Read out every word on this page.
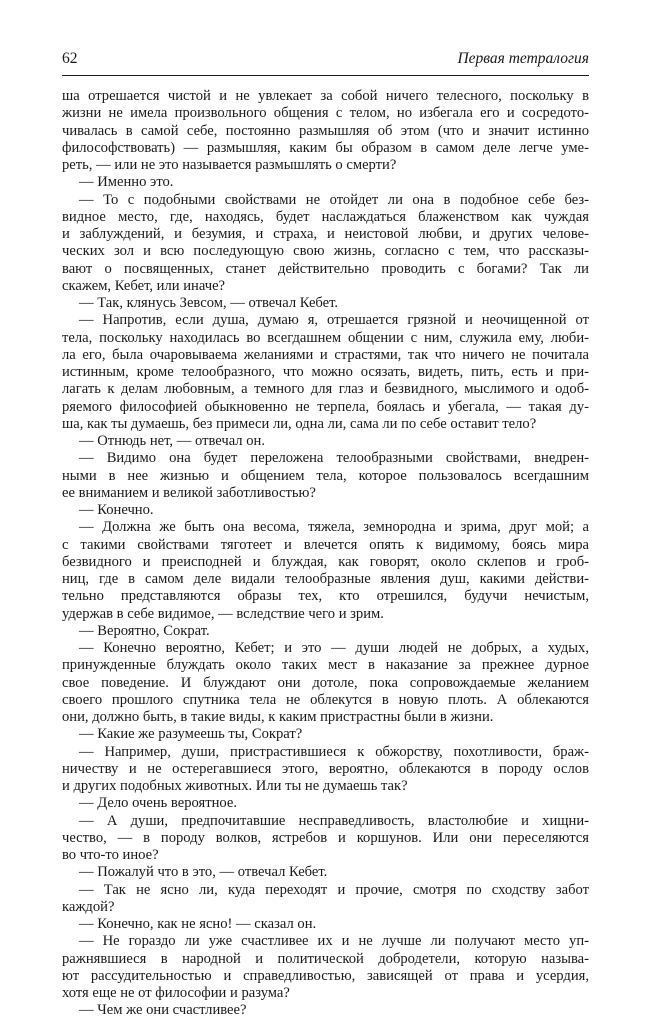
62	Первая тетралогия
ша отрешается чистой и не увлекает за собой ничего телесного, поскольку в
жизни не имела произвольного общения с телом, но избегала его и сосредото-
чивалась в самой себе, постоянно размышляя об этом (что и значит истинно
философствовать) — размышляя, каким бы образом в самом деле легче уме-
реть, — или не это называется размышлять о смерти?
— Именно это.
— То с подобными свойствами не отойдет ли она в подобное себе без-
видное место, где, находясь, будет наслаждаться блаженством как чуждая
и заблуждений, и безумия, и страха, и неистовой любви, и других челове-
ческих зол и всю последующую свою жизнь, согласно с тем, что рассказы-
вают о посвященных, станет действительно проводить с богами? Так ли
скажем, Кебет, или иначе?
— Так, клянусь Зевсом, — отвечал Кебет.
— Напротив, если душа, думаю я, отрешается грязной и неочищенной от
тела, поскольку находилась во всегдашнем общении с ним, служила ему, люби-
ла его, была очаровываема желаниями и страстями, так что ничего не почитала
истинным, кроме телообразного, что можно осязать, видеть, пить, есть и при-
лагать к делам любовным, а темного для глаз и безвидного, мыслимого и одоб-
ряемого философией обыкновенно не терпела, боялась и убегала, — такая ду-
ша, как ты думаешь, без примеси ли, одна ли, сама ли по себе оставит тело?
— Отнюдь нет, — отвечал он.
— Видимо она будет переложена телообразными свойствами, внедрен-
ными в нее жизнью и общением тела, которое пользовалось всегдашним
ее вниманием и великой заботливостью?
— Конечно.
— Должна же быть она весома, тяжела, земнородна и зрима, друг мой; а
с такими свойствами тяготеет и влечется опять к видимому, боясь мира
безвидного и преисподней и блуждая, как говорят, около склепов и гроб-
ниц, где в самом деле видали телообразные явления душ, какими действи-
тельно представляются образы тех, кто отрешился, будучи нечистым,
удержав в себе видимое, — вследствие чего и зрим.
— Вероятно, Сократ.
— Конечно вероятно, Кебет; и это — души людей не добрых, а худых,
принужденные блуждать около таких мест в наказание за прежнее дурное
свое поведение. И блуждают они дотоле, пока сопровождаемые желанием
своего прошлого спутника тела не облекутся в новую плоть. А облекаются
они, должно быть, в такие виды, к каким пристрастны были в жизни.
— Какие же разумеешь ты, Сократ?
— Например, души, пристрастившиеся к обжорству, похотливости, браж-
ничеству и не остерегавшиеся этого, вероятно, облекаются в породу ослов
и других подобных животных. Или ты не думаешь так?
— Дело очень вероятное.
— А души, предпочитавшие несправедливость, властолюбие и хищни-
чество, — в породу волков, ястребов и коршунов. Или они переселяются
во что-то иное?
— Пожалуй что в это, — отвечал Кебет.
— Так не ясно ли, куда переходят и прочие, смотря по сходству забот
каждой?
— Конечно, как не ясно! — сказал он.
— Не гораздо ли уже счастливее их и не лучше ли получают место уп-
ражнявшиеся в народной и политической добродетели, которую называ-
ют рассудительностью и справедливостью, зависящей от права и усердия,
хотя еще не от философии и разума?
— Чем же они счастливее?
